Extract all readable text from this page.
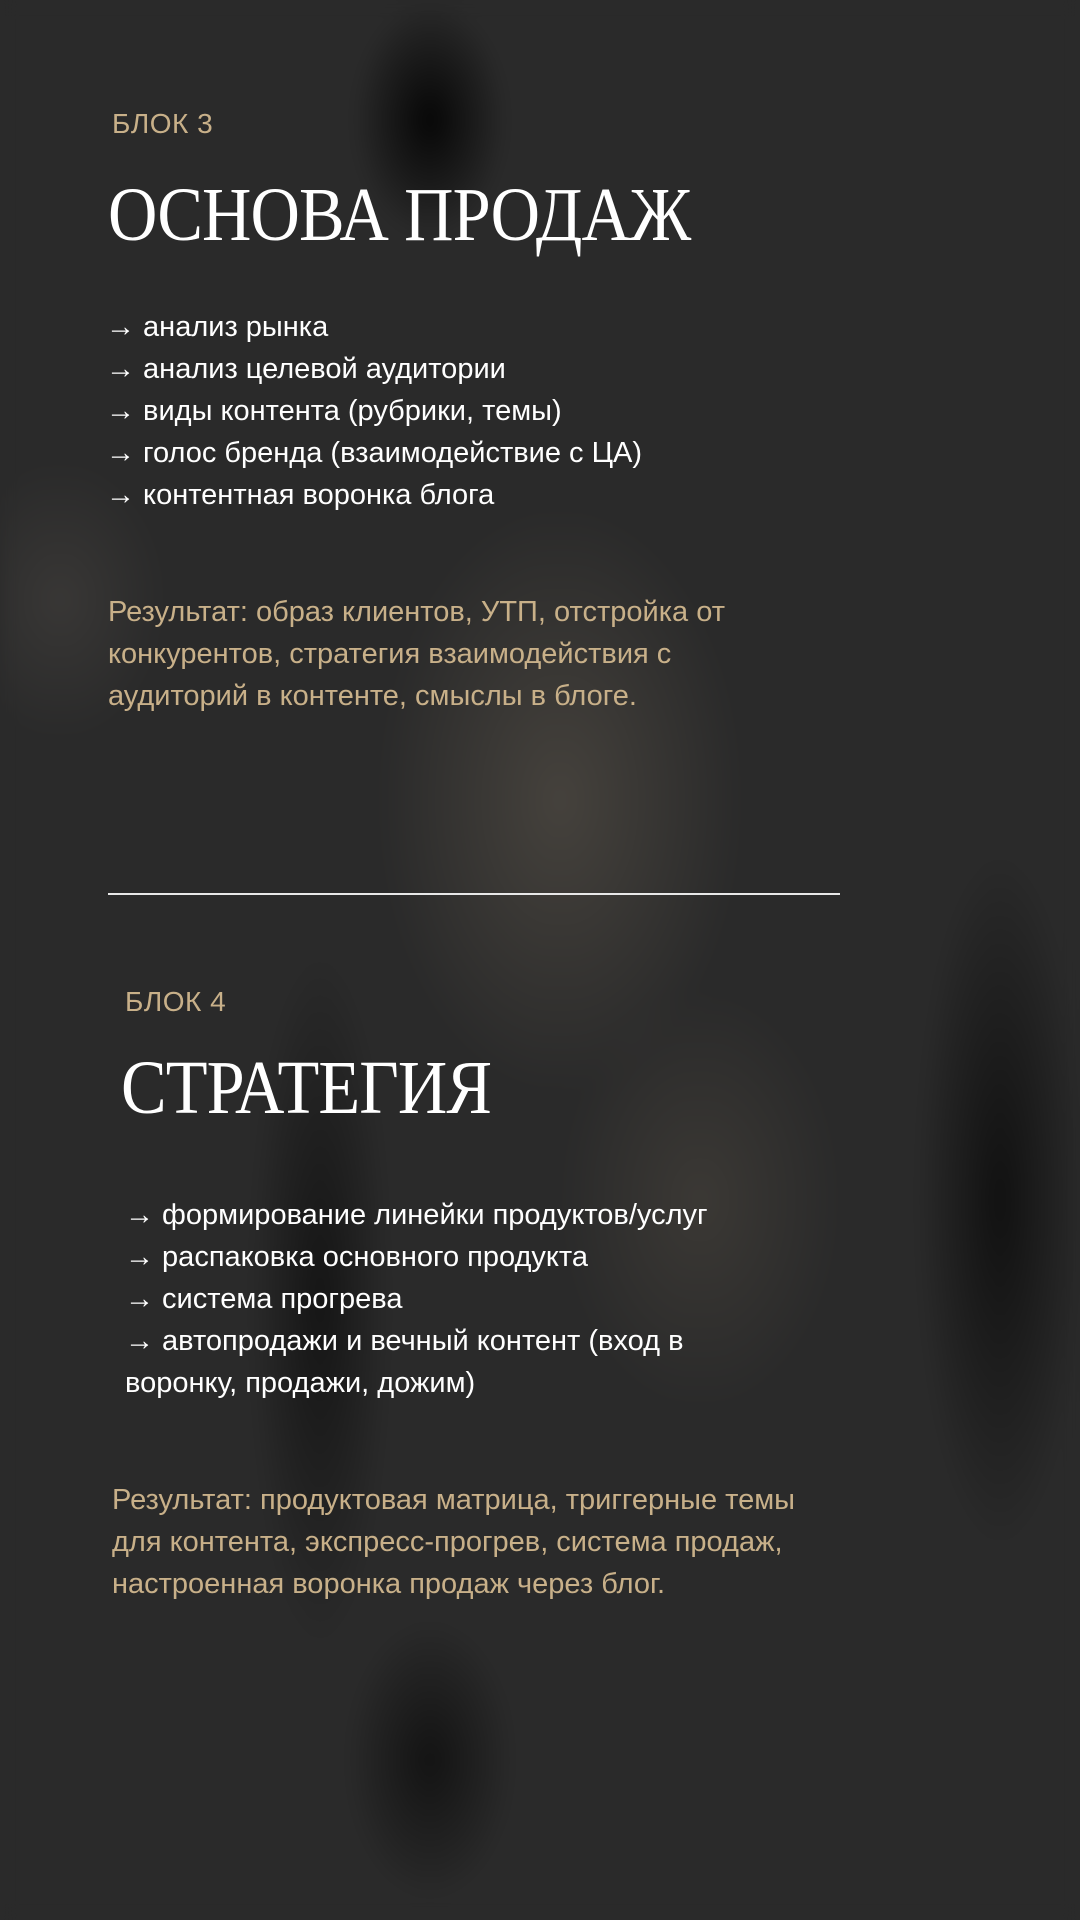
БЛОК 3
ОСНОВА ПРОДАЖ
→ анализ рынка
→ анализ целевой аудитории
→ виды контента (рубрики, темы)
→ голос бренда (взаимодействие с ЦА)
→ контентная воронка блога
Результат: образ клиентов, УТП, отстройка от
конкурентов, стратегия взаимодействия с
аудиторий в контенте, смыслы в блоге.
БЛОК 4
СТРАТЕГИЯ
→ формирование линейки продуктов/услуг
→ распаковка основного продукта
→ система прогрева
→ автопродажи и вечный контент (вход в
воронку, продажи, дожим)
Результат: продуктовая матрица, триггерные темы
для контента, экспресс-прогрев, система продаж,
настроенная воронка продаж через блог.
